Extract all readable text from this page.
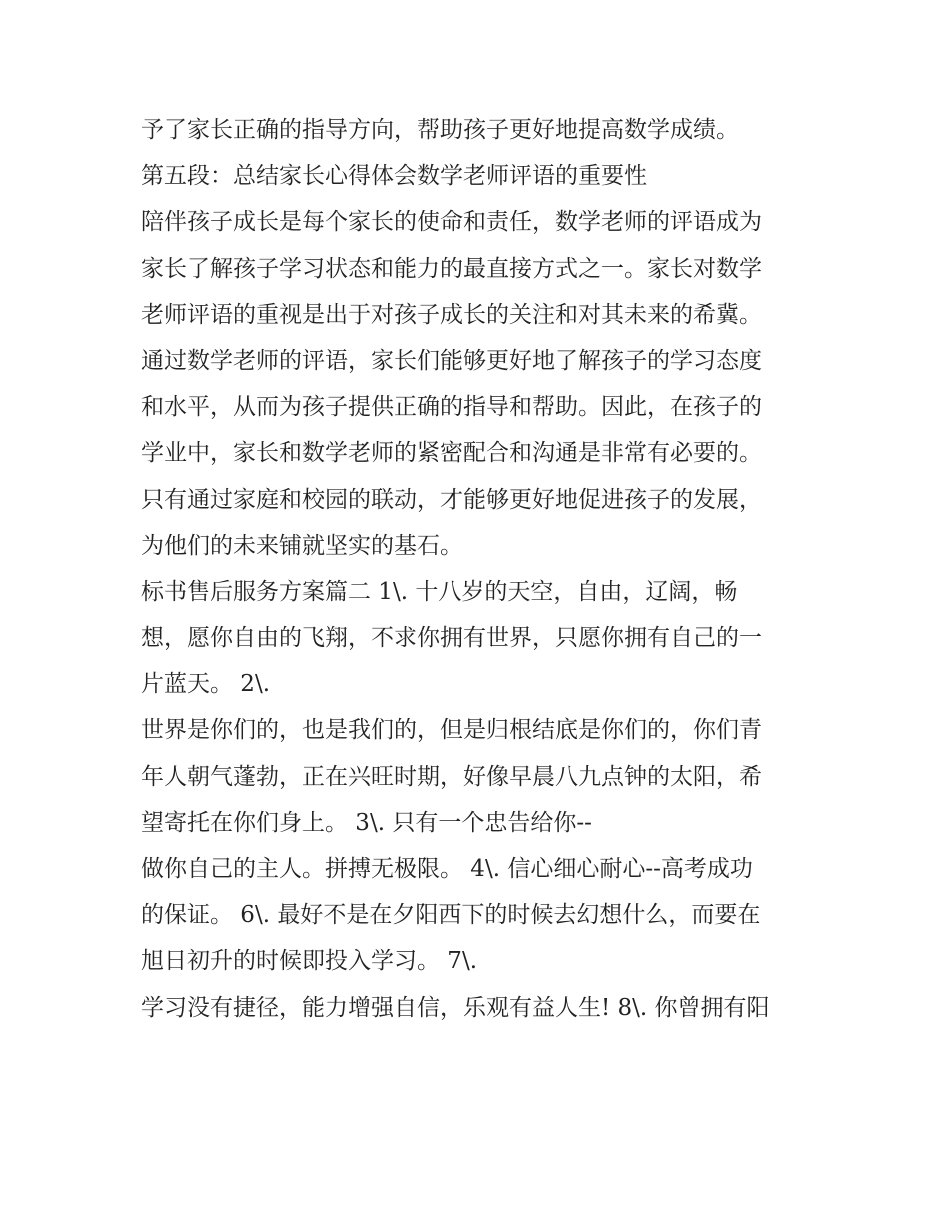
予了家长正确的指导方向，帮助孩子更好地提高数学成绩。
第五段：总结家长心得体会数学老师评语的重要性
陪伴孩子成长是每个家长的使命和责任，数学老师的评语成为
家长了解孩子学习状态和能力的最直接方式之一。家长对数学
老师评语的重视是出于对孩子成长的关注和对其未来的希冀。
通过数学老师的评语，家长们能够更好地了解孩子的学习态度
和水平，从而为孩子提供正确的指导和帮助。因此，在孩子的
学业中，家长和数学老师的紧密配合和沟通是非常有必要的。
只有通过家庭和校园的联动，才能够更好地促进孩子的发展，
为他们的未来铺就坚实的基石。
标书售后服务方案篇二 1\. 十八岁的天空，自由，辽阔，畅
想，愿你自由的飞翔，不求你拥有世界，只愿你拥有自己的一
片蓝天。 2\.
世界是你们的，也是我们的，但是归根结底是你们的，你们青
年人朝气蓬勃，正在兴旺时期，好像早晨八九点钟的太阳，希
望寄托在你们身上。 3\. 只有一个忠告给你--
做你自己的主人。拼搏无极限。 4\. 信心细心耐心--高考成功
的保证。 6\. 最好不是在夕阳西下的时候去幻想什么，而要在
旭日初升的时候即投入学习。 7\.
学习没有捷径，能力增强自信，乐观有益人生! 8\. 你曾拥有阳
